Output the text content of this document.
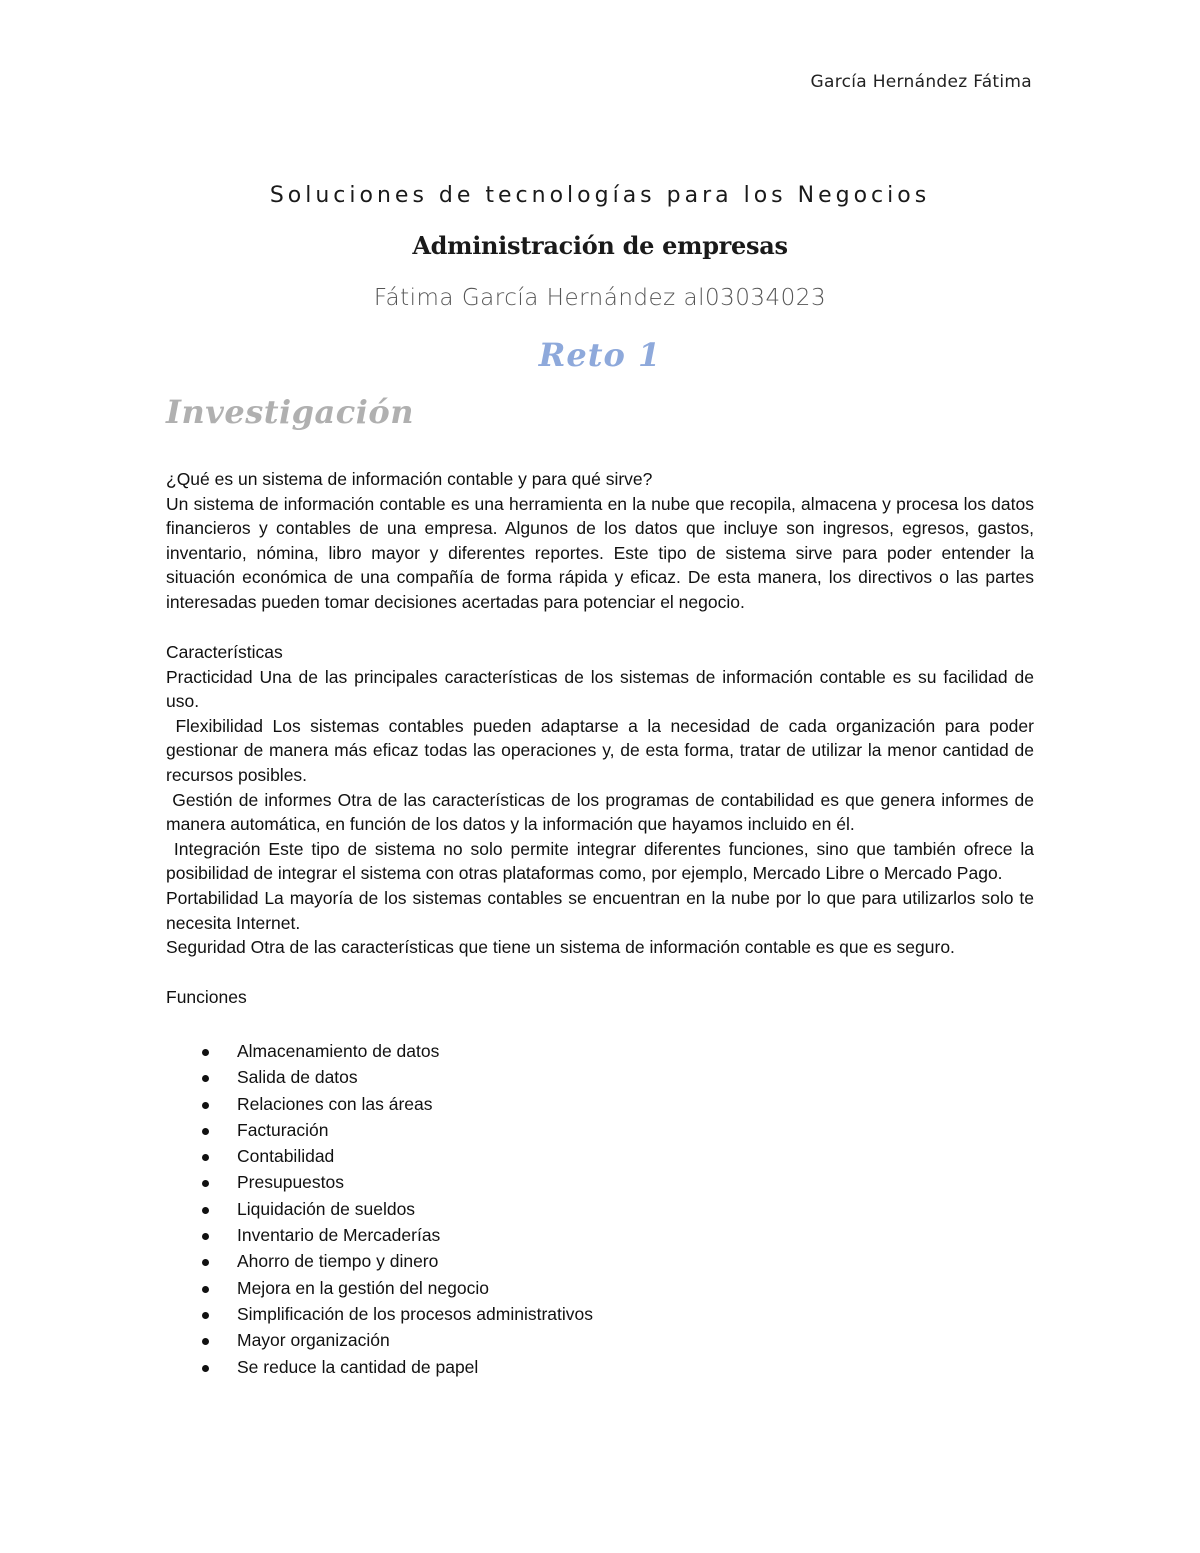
García Hernández Fátima
Soluciones de tecnologías para los Negocios
Administración de empresas
Fátima García Hernández al03034023
Reto 1
Investigación

¿Qué es un sistema de información contable y para qué sirve?

Un sistema de información contable es una herramienta en la nube que recopila, almacena y procesa los datos financieros y contables de una empresa. Algunos de los datos que incluye son ingresos, egresos, gastos, inventario, nómina, libro mayor y diferentes reportes. Este tipo de sistema sirve para poder entender la situación económica de una compañía de forma rápida y eficaz. De esta manera, los directivos o las partes interesadas pueden tomar decisiones acertadas para potenciar el negocio.

Características

Practicidad Una de las principales características de los sistemas de información contable es su facilidad de uso.

Flexibilidad Los sistemas contables pueden adaptarse a la necesidad de cada organización para poder gestionar de manera más eficaz todas las operaciones y, de esta forma, tratar de utilizar la menor cantidad de recursos posibles.

Gestión de informes Otra de las características de los programas de contabilidad es que genera informes de manera automática, en función de los datos y la información que hayamos incluido en él.

Integración Este tipo de sistema no solo permite integrar diferentes funciones, sino que también ofrece la posibilidad de integrar el sistema con otras plataformas como, por ejemplo, Mercado Libre o Mercado Pago.

Portabilidad La mayoría de los sistemas contables se encuentran en la nube por lo que para utilizarlos solo te necesita Internet.

Seguridad Otra de las características que tiene un sistema de información contable es que es seguro.

Funciones
Almacenamiento de datos
Salida de datos
Relaciones con las áreas
Facturación
Contabilidad
Presupuestos
Liquidación de sueldos
Inventario de Mercaderías
Ahorro de tiempo y dinero
Mejora en la gestión del negocio
Simplificación de los procesos administrativos
Mayor organización
Se reduce la cantidad de papel
